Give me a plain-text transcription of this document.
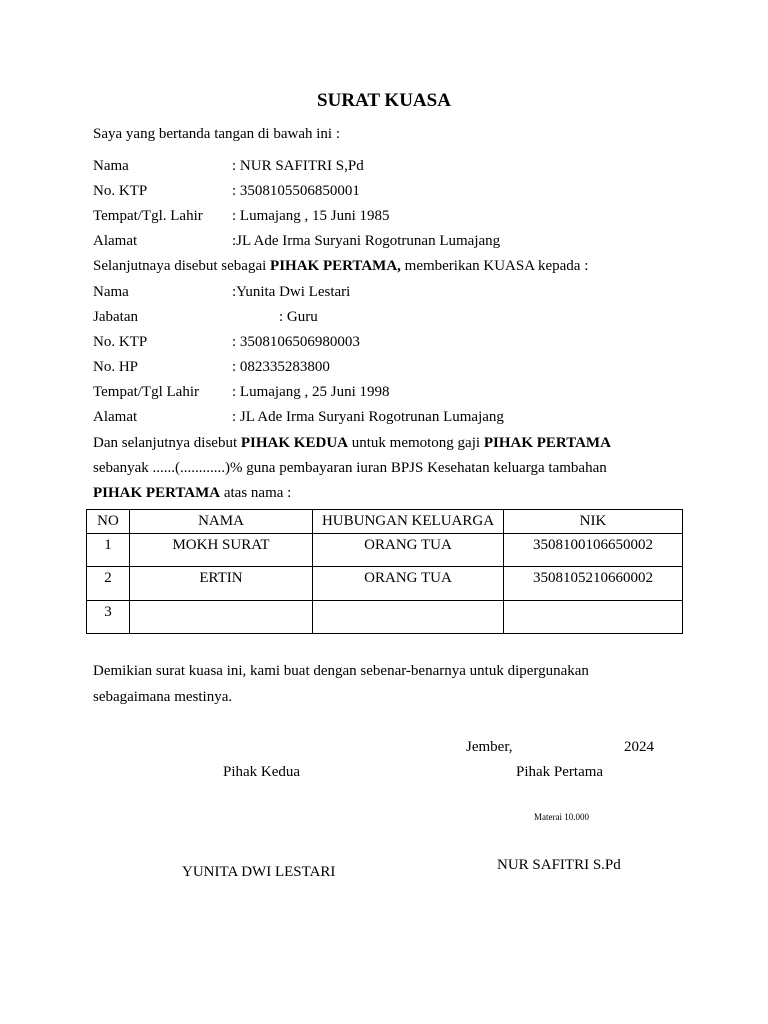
SURAT KUASA
Saya yang bertanda tangan di bawah ini :
Nama	: NUR SAFITRI S,Pd
No. KTP	: 3508105506850001
Tempat/Tgl. Lahir : Lumajang , 15 Juni 1985
Alamat	:JL Ade Irma Suryani Rogotrunan Lumajang
Selanjutnaya disebut sebagai PIHAK PERTAMA, memberikan KUASA kepada :
Nama	:Yunita Dwi Lestari
Jabatan	: Guru
No. KTP	: 3508106506980003
No. HP	: 082335283800
Tempat/Tgl Lahir : Lumajang , 25 Juni 1998
Alamat	: JL Ade Irma Suryani Rogotrunan Lumajang
Dan selanjutnya disebut PIHAK KEDUA untuk memotong gaji PIHAK PERTAMA
sebanyak ......(............)% guna pembayaran iuran BPJS Kesehatan keluarga tambahan
PIHAK PERTAMA atas nama :
NO	NAMA	HUBUNGAN KELUARGA	NIK
1	MOKH SURAT	ORANG TUA	3508100106650002
2	ERTIN	ORANG TUA	3508105210660002
3			
Demikian surat kuasa ini, kami buat dengan sebenar-benarnya untuk dipergunakan
sebagaimana mestinya.
Jember,	2024
Pihak Kedua	Pihak Pertama
Materai 10.000
YUNITA DWI LESTARI	NUR SAFITRI S.Pd
